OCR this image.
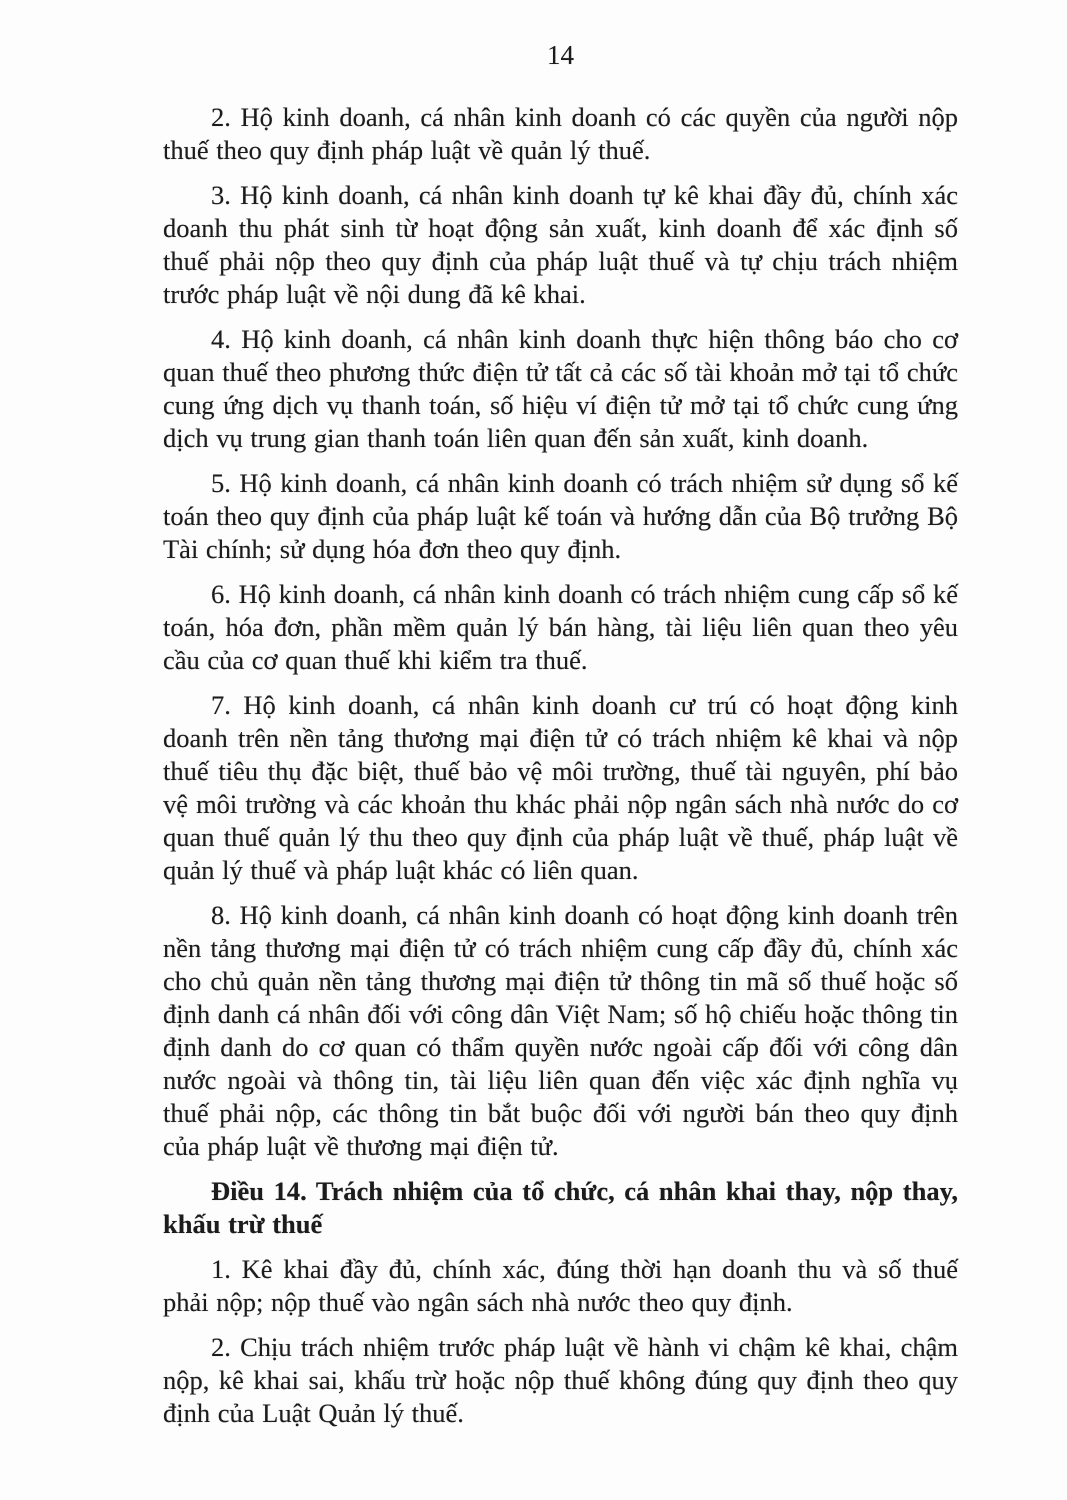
14

2. Hộ kinh doanh, cá nhân kinh doanh có các quyền của người nộp thuế theo quy định pháp luật về quản lý thuế.

3. Hộ kinh doanh, cá nhân kinh doanh tự kê khai đầy đủ, chính xác doanh thu phát sinh từ hoạt động sản xuất, kinh doanh để xác định số thuế phải nộp theo quy định của pháp luật thuế và tự chịu trách nhiệm trước pháp luật về nội dung đã kê khai.

4. Hộ kinh doanh, cá nhân kinh doanh thực hiện thông báo cho cơ quan thuế theo phương thức điện tử tất cả các số tài khoản mở tại tổ chức cung ứng dịch vụ thanh toán, số hiệu ví điện tử mở tại tổ chức cung ứng dịch vụ trung gian thanh toán liên quan đến sản xuất, kinh doanh.

5. Hộ kinh doanh, cá nhân kinh doanh có trách nhiệm sử dụng sổ kế toán theo quy định của pháp luật kế toán và hướng dẫn của Bộ trưởng Bộ Tài chính; sử dụng hóa đơn theo quy định.

6. Hộ kinh doanh, cá nhân kinh doanh có trách nhiệm cung cấp sổ kế toán, hóa đơn, phần mềm quản lý bán hàng, tài liệu liên quan theo yêu cầu của cơ quan thuế khi kiểm tra thuế.

7. Hộ kinh doanh, cá nhân kinh doanh cư trú có hoạt động kinh doanh trên nền tảng thương mại điện tử có trách nhiệm kê khai và nộp thuế tiêu thụ đặc biệt, thuế bảo vệ môi trường, thuế tài nguyên, phí bảo vệ môi trường và các khoản thu khác phải nộp ngân sách nhà nước do cơ quan thuế quản lý thu theo quy định của pháp luật về thuế, pháp luật về quản lý thuế và pháp luật khác có liên quan.

8. Hộ kinh doanh, cá nhân kinh doanh có hoạt động kinh doanh trên nền tảng thương mại điện tử có trách nhiệm cung cấp đầy đủ, chính xác cho chủ quản nền tảng thương mại điện tử thông tin mã số thuế hoặc số định danh cá nhân đối với công dân Việt Nam; số hộ chiếu hoặc thông tin định danh do cơ quan có thẩm quyền nước ngoài cấp đối với công dân nước ngoài và thông tin, tài liệu liên quan đến việc xác định nghĩa vụ thuế phải nộp, các thông tin bắt buộc đối với người bán theo quy định của pháp luật về thương mại điện tử.

Điều 14. Trách nhiệm của tổ chức, cá nhân khai thay, nộp thay, khấu trừ thuế

1. Kê khai đầy đủ, chính xác, đúng thời hạn doanh thu và số thuế phải nộp; nộp thuế vào ngân sách nhà nước theo quy định.

2. Chịu trách nhiệm trước pháp luật về hành vi chậm kê khai, chậm nộp, kê khai sai, khấu trừ hoặc nộp thuế không đúng quy định theo quy định của Luật Quản lý thuế.
